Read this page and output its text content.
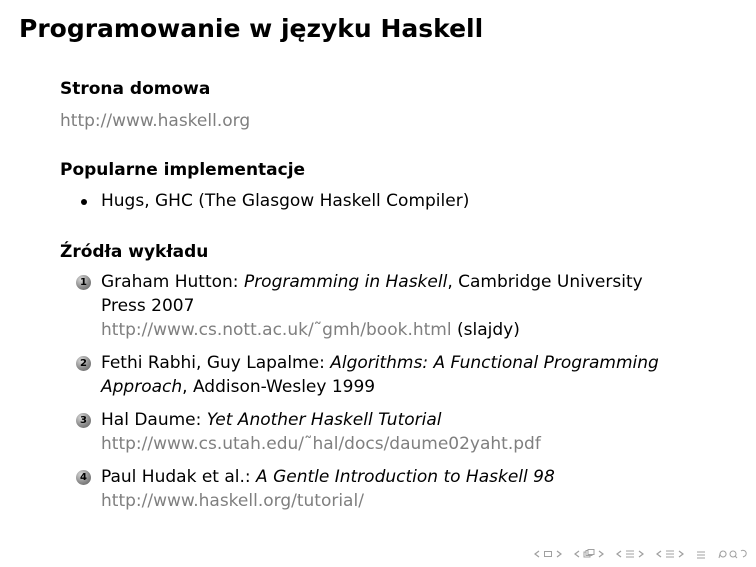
Programowanie w języku Haskell
Strona domowa
http://www.haskell.org
Popularne implementacje
Hugs, GHC (The Glasgow Haskell Compiler)
Źródła wykładu
1 Graham Hutton: Programming in Haskell, Cambridge University
Press 2007
http://www.cs.nott.ac.uk/˜gmh/book.html (slajdy)
2 Fethi Rabhi, Guy Lapalme: Algorithms: A Functional Programming
Approach, Addison-Wesley 1999
3 Hal Daume: Yet Another Haskell Tutorial
http://www.cs.utah.edu/˜hal/docs/daume02yaht.pdf
4 Paul Hudak et al.: A Gentle Introduction to Haskell 98
http://www.haskell.org/tutorial/
